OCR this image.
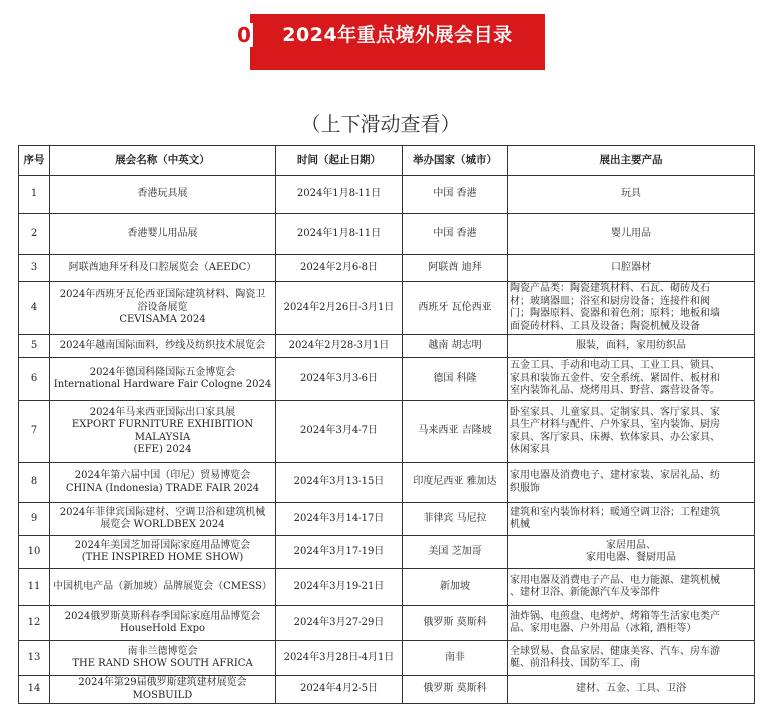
0	2024年重点境外展会目录
（上下滑动查看）
序号	展会名称（中英文）	时间（起止日期）	举办国家（城市）	展出主要产品
1	香港玩具展	2024年1月8-11日	中国 香港	玩具
2	香港婴儿用品展	2024年1月8-11日	中国 香港	婴儿用品
3	阿联酋迪拜牙科及口腔展览会（AEEDC）	2024年2月6-8日	阿联酋 迪拜	口腔器材
4	2024年西班牙瓦伦西亚国际建筑材料、陶瓷卫
浴设备展览
CEVISAMA 2024	2024年2月26日-3月1日	西班牙 瓦伦西亚	陶瓷产品类：陶瓷建筑材料、石瓦、砌砖及石
材；玻璃器皿；浴室和厨房设备；连接件和阀
门；陶器原料、瓷器和着色剂；原料；地板和墙
面瓷砖材料、工具及设备；陶瓷机械及设备
5	2024年越南国际面料，纱线及纺织技术展览会	2024年2月28-3月1日	越南 胡志明	服装，面料，家用纺织品
6	2024年德国科隆国际五金博览会
International Hardware Fair Cologne 2024	2024年3月3-6日	德国 科隆	五金工具、手动和电动工具、工业工具、锁具、
家具和装饰五金件、安全系统、紧固件、板材和
室内装饰礼品、烧烤用具、野营、露营设备等。
7	2024年马来西亚国际出口家具展
EXPORT FURNITURE EXHIBITION MALAYSIA
(EFE) 2024	2024年3月4-7日	马来西亚 吉隆坡	卧室家具、儿童家具、定制家具、客厅家具、家
具生产材料与配件、户外家具、室内装饰、厨房
家具、客厅家具、床褥、软体家具、办公家具、
休闲家具
8	2024年第六届中国（印尼）贸易博览会
CHINA (Indonesia) TRADE FAIR 2024	2024年3月13-15日	印度尼西亚 雅加达	家用电器及消费电子、建材家装、家居礼品、纺
织服饰
9	2024年菲律宾国际建材、空调卫浴和建筑机械
展览会 WORLDBEX 2024	2024年3月14-17日	菲律宾 马尼拉	建筑和室内装饰材料；暖通空调卫浴；工程建筑
机械
10	2024年美国芝加哥国际家庭用品博览会
(THE INSPIRED HOME SHOW)	2024年3月17-19日	美国 芝加哥	家居用品、
家用电器、餐厨用品
11	中国机电产品（新加坡）品牌展览会（CMESS）	2024年3月19-21日	新加坡	家用电器及消费电子产品、电力能源、建筑机械
、建材卫浴、新能源汽车及零部件
12	2024俄罗斯莫斯科春季国际家庭用品博览会
HouseHold Expo	2024年3月27-29日	俄罗斯 莫斯科	油炸锅、电煎盘、电烤炉、烤箱等生活家电类产
品、家用电器、户外用品（冰箱, 酒柜等）
13	南非兰德博览会
THE RAND SHOW SOUTH AFRICA	2024年3月28日-4月1日	南非	全球贸易、食品家居、健康美容、汽车、房车游
艇、前沿科技、国防军工、南
14	2024年第29届俄罗斯建筑建材展览会MOSBUILD	2024年4月2-5日	俄罗斯 莫斯科	建材、五金、工具、卫浴
